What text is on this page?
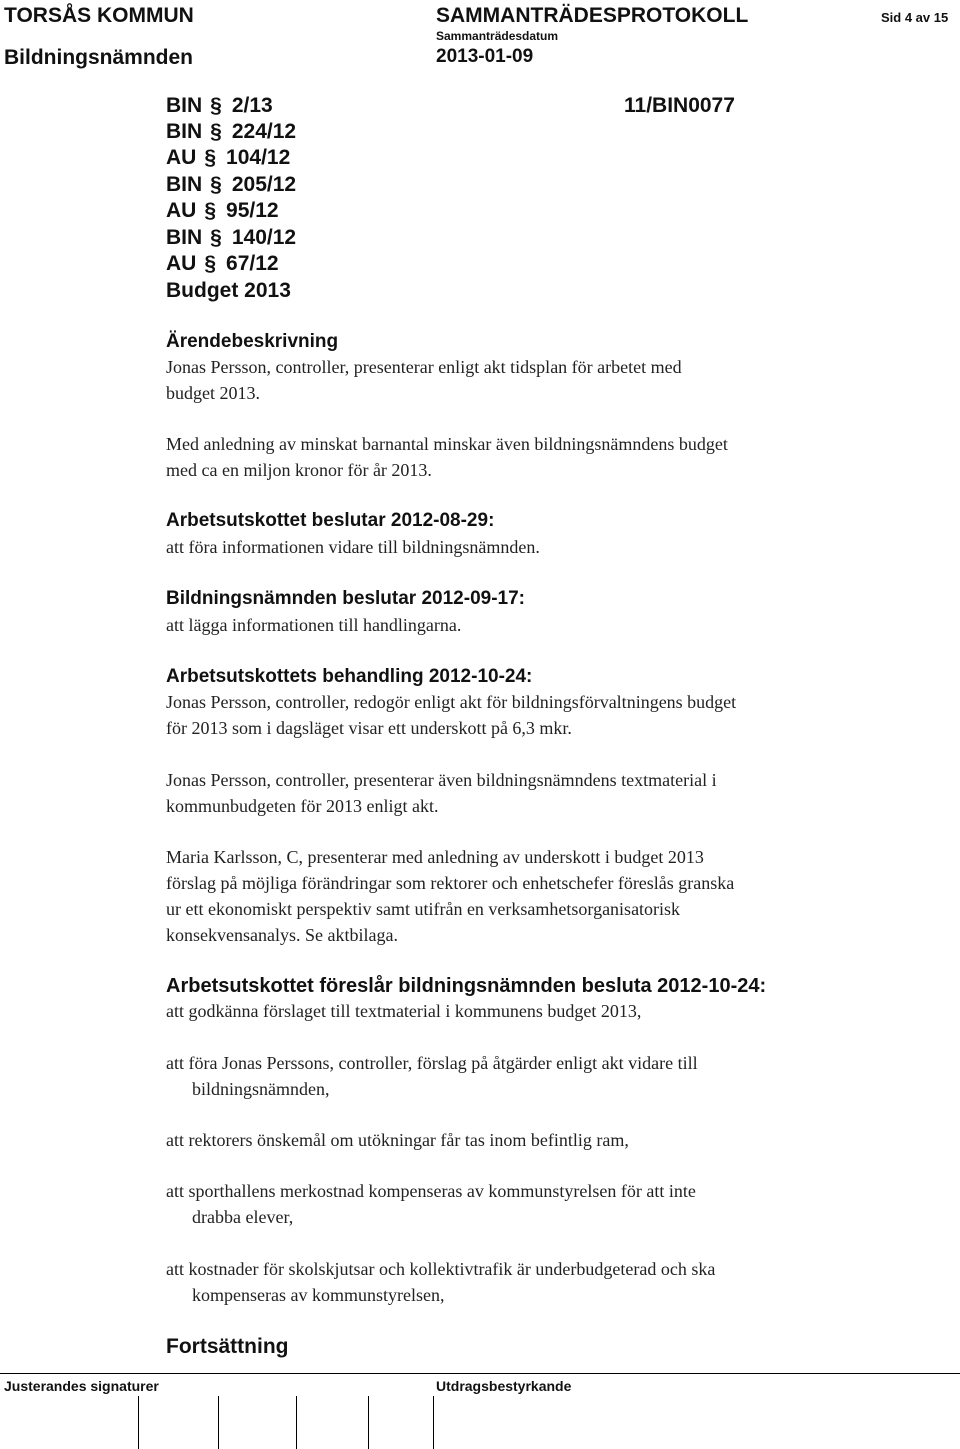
TORSÅS KOMMUN
Bildningsnämnden
SAMMANTRÄDESPROTOKOLL
Sammanträdesdatum
2013-01-09
Sid 4 av 15
BIN § 2/13
BIN § 224/12
AU § 104/12
BIN § 205/12
AU § 95/12
BIN § 140/12
AU § 67/12
Budget 2013
11/BIN0077
Ärendebeskrivning
Jonas Persson, controller, presenterar enligt akt tidsplan för arbetet med
budget 2013.
Med anledning av minskat barnantal minskar även bildningsnämndens budget
med ca en miljon kronor för år 2013.
Arbetsutskottet beslutar 2012-08-29:
att föra informationen vidare till bildningsnämnden.
Bildningsnämnden beslutar 2012-09-17:
att lägga informationen till handlingarna.
Arbetsutskottets behandling 2012-10-24:
Jonas Persson, controller, redogör enligt akt för bildningsförvaltningens budget
för 2013 som i dagsläget visar ett underskott på 6,3 mkr.
Jonas Persson, controller, presenterar även bildningsnämndens textmaterial i
kommunbudgeten för 2013 enligt akt.
Maria Karlsson, C, presenterar med anledning av underskott i budget 2013
förslag på möjliga förändringar som rektorer och enhetschefer föreslås granska
ur ett ekonomiskt perspektiv samt utifrån en verksamhetsorganisatorisk
konsekvensanalys. Se aktbilaga.
Arbetsutskottet föreslår bildningsnämnden besluta 2012-10-24:
att godkänna förslaget till textmaterial i kommunens budget 2013,
att föra Jonas Perssons, controller, förslag på åtgärder enligt akt vidare till
bildningsnämnden,
att rektorers önskemål om utökningar får tas inom befintlig ram,
att sporthallens merkostnad kompenseras av kommunstyrelsen för att inte
drabba elever,
att kostnader för skolskjutsar och kollektivtrafik är underbudgeterad och ska
kompenseras av kommunstyrelsen,
Fortsättning
Justerandes signaturer	Utdragsbestyrkande
